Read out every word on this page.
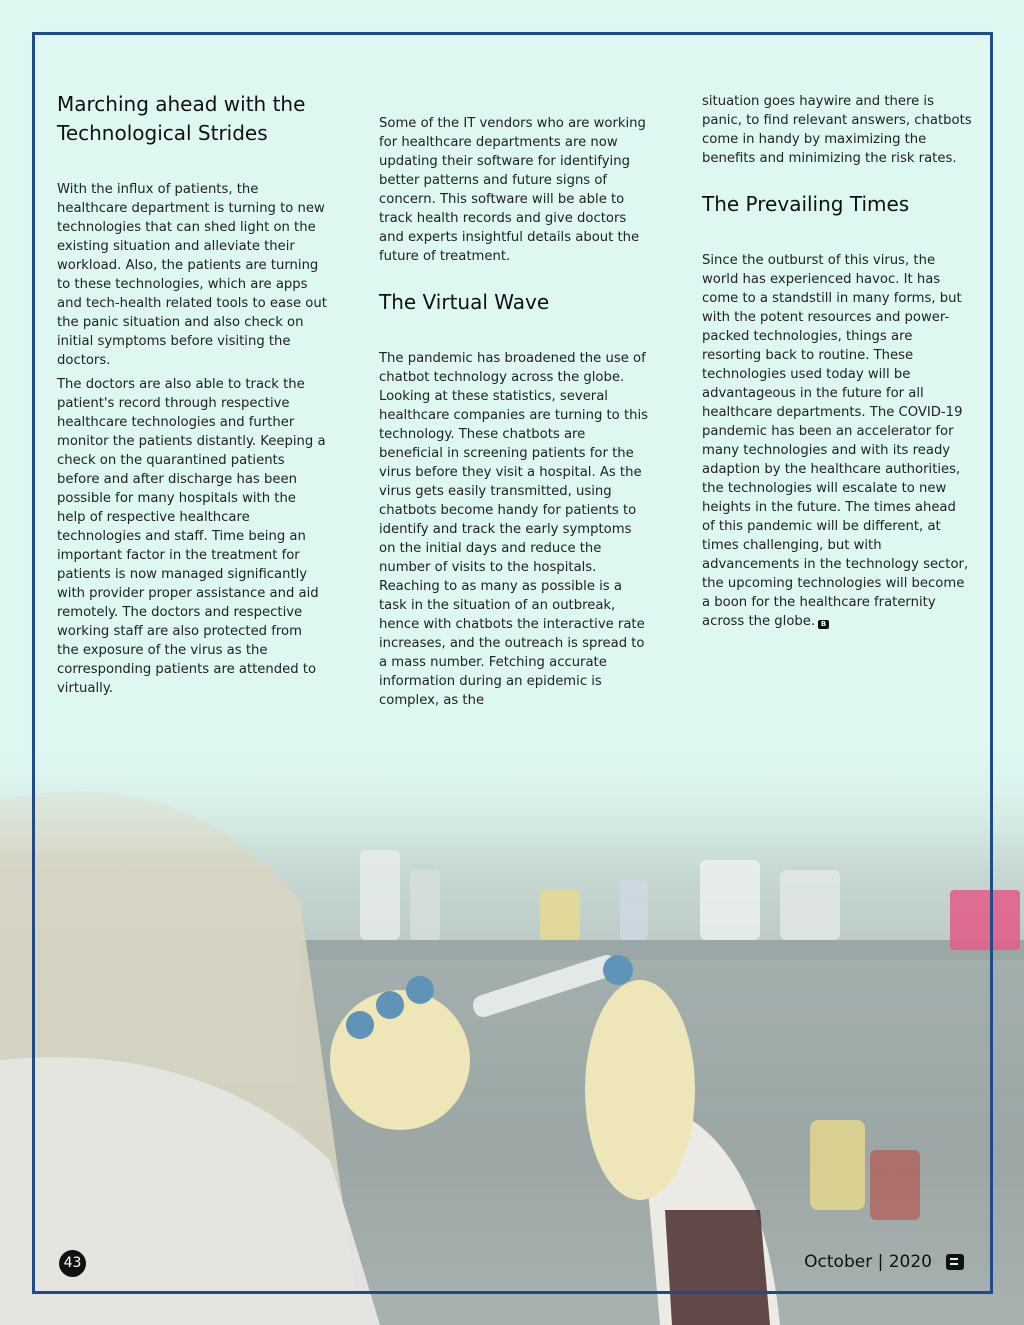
Marching ahead with the Technological Strides

With the influx of patients, the healthcare department is turning to new technologies that can shed light on the existing situation and alleviate their workload. Also, the patients are turning to these technologies, which are apps and tech-health related tools to ease out the panic situation and also check on initial symptoms before visiting the doctors.

The doctors are also able to track the patient's record through respective healthcare technologies and further monitor the patients distantly. Keeping a check on the quarantined patients before and after discharge has been possible for many hospitals with the help of respective healthcare technologies and staff. Time being an important factor in the treatment for patients is now managed significantly with provider proper assistance and aid remotely. The doctors and respective working staff are also protected from the exposure of the virus as the corresponding patients are attended to virtually.

Some of the IT vendors who are working for healthcare departments are now updating their software for identifying better patterns and future signs of concern. This software will be able to track health records and give doctors and experts insightful details about the future of treatment.

The Virtual Wave

The pandemic has broadened the use of chatbot technology across the globe. Looking at these statistics, several healthcare companies are turning to this technology. These chatbots are beneficial in screening patients for the virus before they visit a hospital. As the virus gets easily transmitted, using chatbots become handy for patients to identify and track the early symptoms on the initial days and reduce the number of visits to the hospitals. Reaching to as many as possible is a task in the situation of an outbreak, hence with chatbots the interactive rate increases, and the outreach is spread to a mass number. Fetching accurate information during an epidemic is complex, as the

situation goes haywire and there is panic, to find relevant answers, chatbots come in handy by maximizing the benefits and minimizing the risk rates.

The Prevailing Times

Since the outburst of this virus, the world has experienced havoc. It has come to a standstill in many forms, but with the potent resources and power-packed technologies, things are resorting back to routine. These technologies used today will be advantageous in the future for all healthcare departments. The COVID-19 pandemic has been an accelerator for many technologies and with its ready adaption by the healthcare authorities, the technologies will escalate to new heights in the future. The times ahead of this pandemic will be different, at times challenging, but with advancements in the technology sector, the upcoming technologies will become a boon for the healthcare fraternity across the globe. B

43	October | 2020
